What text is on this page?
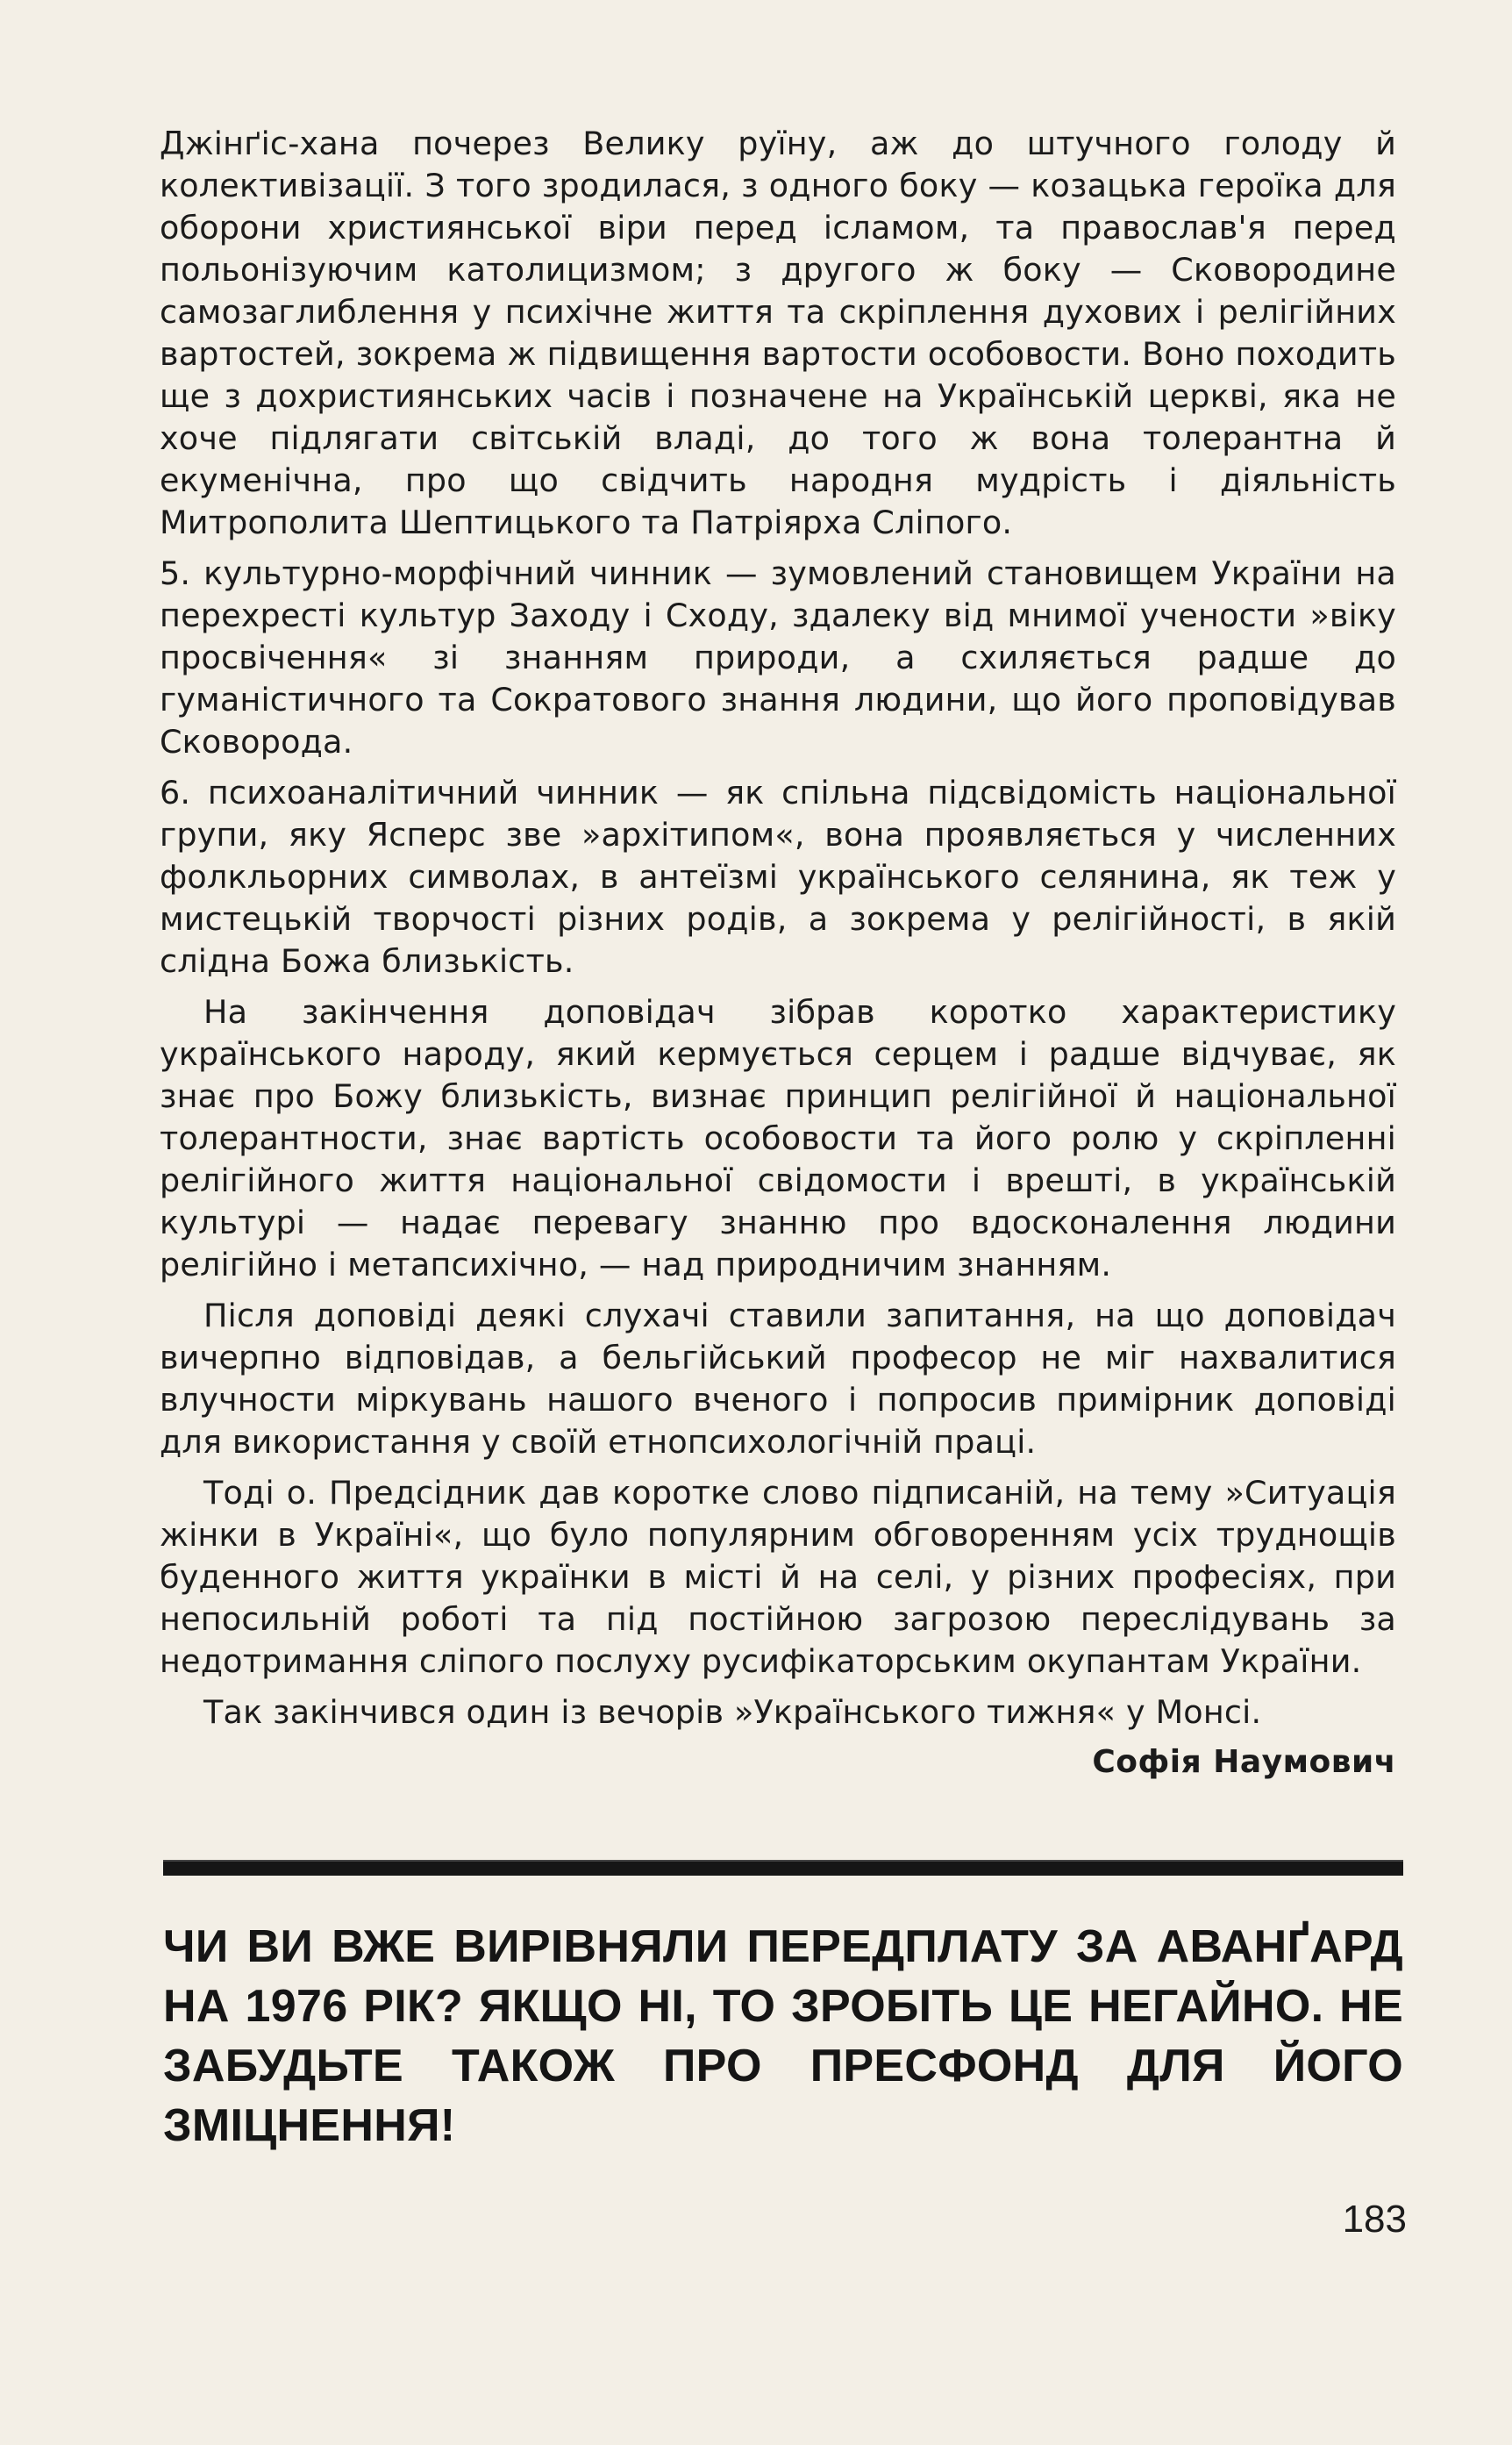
Джінґіс-хана почерез Велику руїну, аж до штучного голоду й колективізації. З того зродилася, з одного боку — козацька героїка для оборони християнської віри перед ісламом, та православ'я перед польонізуючим католицизмом; з другого ж боку — Сковородине самозаглиблення у психічне життя та скріплення духових і релігійних вартостей, зокрема ж підвищення вартости особовости. Воно походить ще з дохристиянських часів і позначене на Українській церкві, яка не хоче підлягати світській владі, до того ж вона толерантна й екуменічна, про що свідчить народня мудрість і діяльність Митрополита Шептицького та Патріярха Сліпого.

5. культурно-морфічний чинник — зумовлений становищем України на перехресті культур Заходу і Сходу, здалеку від мнимої учености »віку просвічення« зі знанням природи, а схиляється радше до гуманістичного та Сократового знання людини, що його проповідував Сковорода.

6. психоаналітичний чинник — як спільна підсвідомість національної групи, яку Ясперс зве »архітипом«, вона проявляється у численних фолкльорних символах, в антеїзмі українського селянина, як теж у мистецькій творчості різних родів, а зокрема у релігійності, в якій слідна Божа близькість.

На закінчення доповідач зібрав коротко характеристику українського народу, який кермується серцем і радше відчуває, як знає про Божу близькість, визнає принцип релігійної й національної толерантности, знає вартість особовости та його ролю у скріпленні релігійного життя національної свідомости і врешті, в українській культурі — надає перевагу знанню про вдосконалення людини релігійно і метапсихічно, — над природничим знанням.

Після доповіді деякі слухачі ставили запитання, на що доповідач вичерпно відповідав, а бельгійський професор не міг нахвалитися влучности міркувань нашого вченого і попросив примірник доповіді для використання у своїй етнопсихологічній праці.

Тоді о. Предсідник дав коротке слово підписаній, на тему »Ситуація жінки в Україні«, що було популярним обговоренням усіх труднощів буденного життя українки в місті й на селі, у різних професіях, при непосильній роботі та під постійною загрозою переслідувань за недотримання сліпого послуху русифікаторським окупантам України.

Так закінчився один із вечорів »Українського тижня« у Монсі.

Софія Наумович
ЧИ ВИ ВЖЕ ВИРІВНЯЛИ ПЕРЕДПЛАТУ ЗА АВАНҐАРД НА 1976 РІК? ЯКЩО НІ, ТО ЗРОБІТЬ ЦЕ НЕГАЙНО. НЕ ЗАБУДЬТЕ ТАКОЖ ПРО ПРЕСФОНД ДЛЯ ЙОГО ЗМІЦНЕННЯ!
183
